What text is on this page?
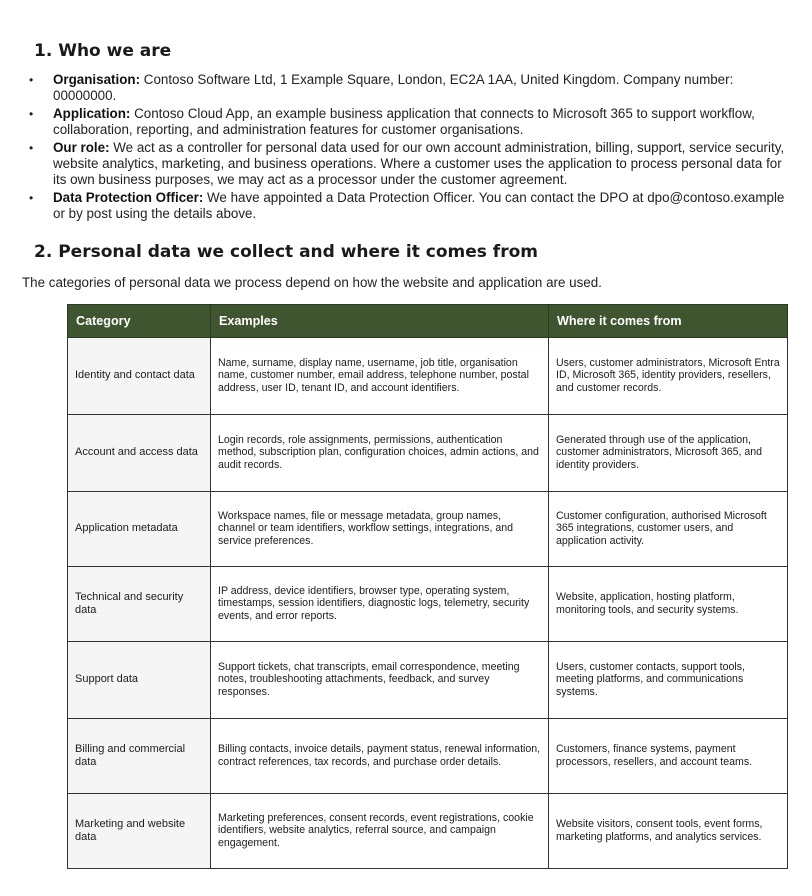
1. Who we are
• Organisation: Contoso Software Ltd, 1 Example Square, London, EC2A 1AA, United Kingdom. Company number: 00000000.
• Application: Contoso Cloud App, an example business application that connects to Microsoft 365 to support workflow, collaboration, reporting, and administration features for customer organisations.
• Our role: We act as a controller for personal data used for our own account administration, billing, support, service security, website analytics, marketing, and business operations. Where a customer uses the application to process personal data for its own business purposes, we may act as a processor under the customer agreement.
• Data Protection Officer: We have appointed a Data Protection Officer. You can contact the DPO at dpo@contoso.example or by post using the details above.
2. Personal data we collect and where it comes from

The categories of personal data we process depend on how the website and application are used.

Category	Examples	Where it comes from
Identity and contact data	Name, surname, display name, username, job title, organisation name, customer number, email address, telephone number, postal address, user ID, tenant ID, and account identifiers.	Users, customer administrators, Microsoft Entra ID, Microsoft 365, identity providers, resellers, and customer records.
Account and access data	Login records, role assignments, permissions, authentication method, subscription plan, configuration choices, admin actions, and audit records.	Generated through use of the application, customer administrators, Microsoft 365, and identity providers.
Application metadata	Workspace names, file or message metadata, group names, channel or team identifiers, workflow settings, integrations, and service preferences.	Customer configuration, authorised Microsoft 365 integrations, customer users, and application activity.
Technical and security data	IP address, device identifiers, browser type, operating system, timestamps, session identifiers, diagnostic logs, telemetry, security events, and error reports.	Website, application, hosting platform, monitoring tools, and security systems.
Support data	Support tickets, chat transcripts, email correspondence, meeting notes, troubleshooting attachments, feedback, and survey responses.	Users, customer contacts, support tools, meeting platforms, and communications systems.
Billing and commercial data	Billing contacts, invoice details, payment status, renewal information, contract references, tax records, and purchase order details.	Customers, finance systems, payment processors, resellers, and account teams.
Marketing and website data	Marketing preferences, consent records, event registrations, cookie identifiers, website analytics, referral source, and campaign engagement.	Website visitors, consent tools, event forms, marketing platforms, and analytics services.
